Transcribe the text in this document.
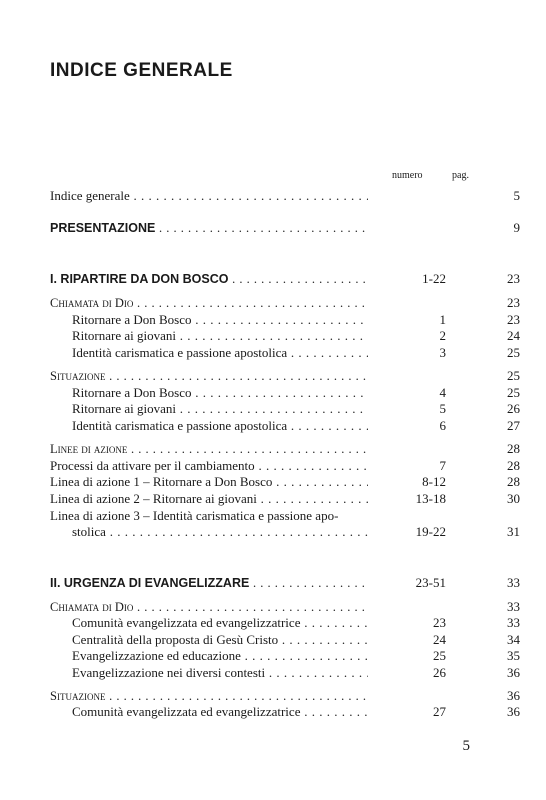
INDICE GENERALE
numero	pag.
Indice generale . . .	5
PRESENTAZIONE . . .	9
I. RIPARTIRE DA DON BOSCO . . .	1-22	23
Chiamata di Dio . . .	23
Ritornare a Don Bosco . . .	1	23
Ritornare ai giovani . . .	2	24
Identità carismatica e passione apostolica . . .	3	25
Situazione . . .	25
Ritornare a Don Bosco . . .	4	25
Ritornare ai giovani . . .	5	26
Identità carismatica e passione apostolica . . .	6	27
Linee di azione . . .	28
Processi da attivare per il cambiamento . . .	7	28
Linea di azione 1 – Ritornare a Don Bosco . . .	8-12	28
Linea di azione 2 – Ritornare ai giovani . . .	13-18	30
Linea di azione 3 – Identità carismatica e passione apo-
stolica . . .	19-22	31
II. URGENZA DI EVANGELIZZARE . . .	23-51	33
Chiamata di Dio . . .	33
Comunità evangelizzata ed evangelizzatrice . . .	23	33
Centralità della proposta di Gesù Cristo . . .	24	34
Evangelizzazione ed educazione . . .	25	35
Evangelizzazione nei diversi contesti . . .	26	36
Situazione . . .	36
Comunità evangelizzata ed evangelizzatrice . . .	27	36
5
